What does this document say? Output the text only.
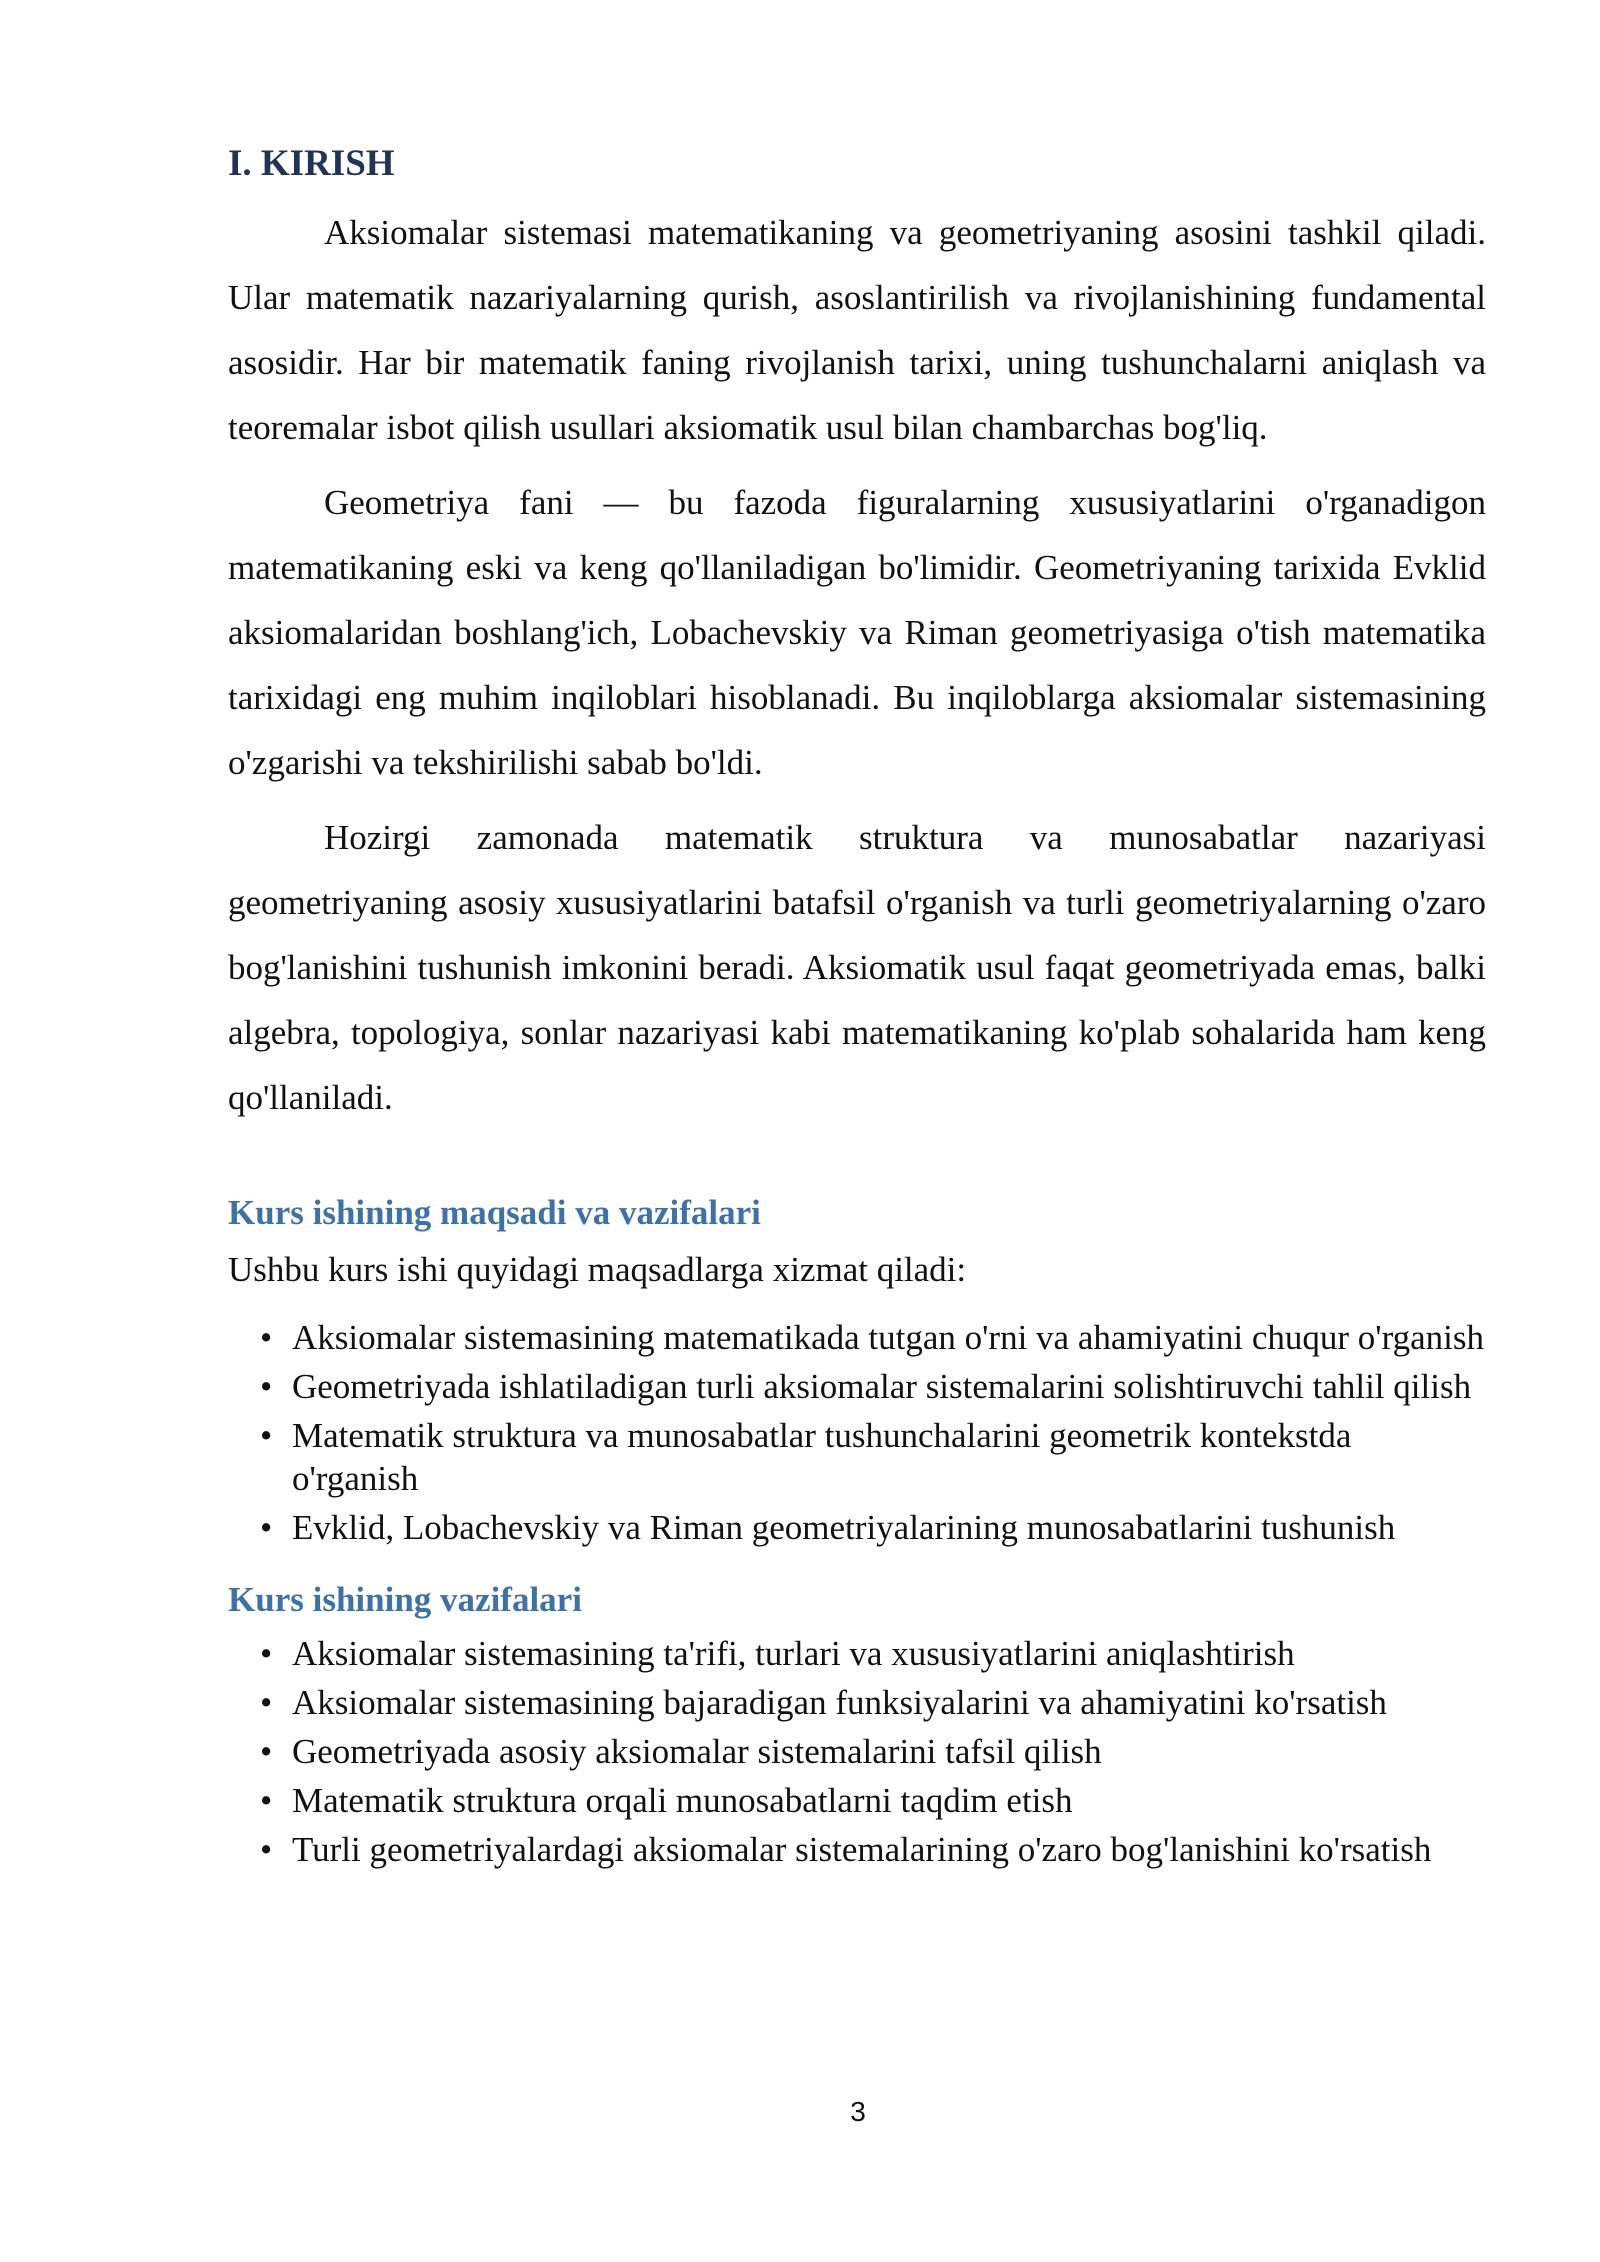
I. KIRISH

Aksiomalar sistemasi matematikaning va geometriyaning asosini tashkil qiladi. Ular matematik nazariyalarning qurish, asoslantirilish va rivojlanishining fundamental asosidir. Har bir matematik faning rivojlanish tarixi, uning tushunchalarni aniqlash va teoremalar isbot qilish usullari aksiomatik usul bilan chambarchas bog'liq.

Geometriya fani — bu fazoda figuralarning xususiyatlarini o'rganadigon matematikaning eski va keng qo'llaniladigan bo'limidir. Geometriyaning tarixida Evklid aksiomalaridan boshlang'ich, Lobachevskiy va Riman geometriyasiga o'tish matematika tarixidagi eng muhim inqiloblari hisoblanadi. Bu inqiloblarga aksiomalar sistemasining o'zgarishi va tekshirilishi sabab bo'ldi.

Hozirgi zamonada matematik struktura va munosabatlar nazariyasi geometriyaning asosiy xususiyatlarini batafsil o'rganish va turli geometriyalarning o'zaro bog'lanishini tushunish imkonini beradi. Aksiomatik usul faqat geometriyada emas, balki algebra, topologiya, sonlar nazariyasi kabi matematikaning ko'plab sohalarida ham keng qo'llaniladi.

Kurs ishining maqsadi va vazifalari

Ushbu kurs ishi quyidagi maqsadlarga xizmat qiladi:

• Aksiomalar sistemasining matematikada tutgan o'rni va ahamiyatini chuqur o'rganish
• Geometriyada ishlatiladigan turli aksiomalar sistemalarini solishtiruvchi tahlil qilish
• Matematik struktura va munosabatlar tushunchalarini geometrik kontekstda o'rganish
• Evklid, Lobachevskiy va Riman geometriyalarining munosabatlarini tushunish
Kurs ishining vazifalari
• Aksiomalar sistemasining ta'rifi, turlari va xususiyatlarini aniqlashtirish
• Aksiomalar sistemasining bajaradigan funksiyalarini va ahamiyatini ko'rsatish
• Geometriyada asosiy aksiomalar sistemalarini tafsil qilish
• Matematik struktura orqali munosabatlarni taqdim etish
• Turli geometriyalardagi aksiomalar sistemalarining o'zaro bog'lanishini ko'rsatish
3
